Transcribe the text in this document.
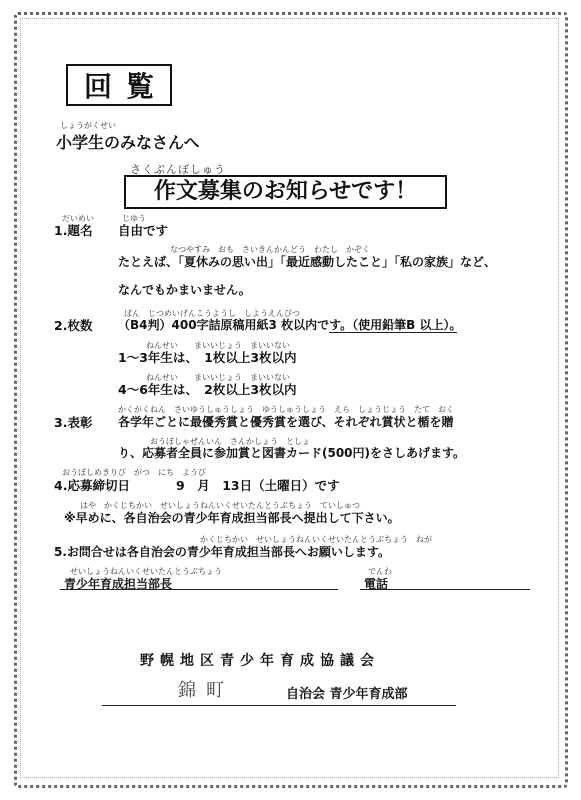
回覧
しょうがくせい
小学生のみなさんへ
さくぶんぼしゅう
作文募集のお知らせです！
だいめい
1.題名
じゆう
自由です
なつやすみ　おも　さいきんかんどう　わたし　かぞく
たとえば、「夏休みの思い出」「最近感動したこと」「私の家族」など、
なんでもかまいません。
ばん　じつめいげんこうようし　しようえんぴつ
2.枚数 （B4判）400字詰原稿用紙3 枚以内です。（使用鉛筆B 以上）。
ねんせい　　まいいじょう　まいいない
1～3年生は、　1枚以上3枚以内
ねんせい　　まいいじょう　まいいない
4～6年生は、　2枚以上3枚以内
かくがくねん　さいゆうしゅうしょう　ゆうしゅうしょう　えら　しょうじょう　たて　おく
3.表彰 各学年ごとに最優秀賞と優秀賞を選び、それぞれ賞状と楯を贈
おうぼしゃぜんいん　さんかしょう　としょ
り、応募者全員に参加賞と図書カード(500円)をさしあげます。
おうぼしめきりび　がつ　にち　ようび
4.応募締切日	9　月　13日（土曜日）です
はや　かくじちかい　せいしょうねんいくせいたんとうぶちょう　ていしゅつ
※早めに、各自治会の青少年育成担当部長へ提出して下さい。
かくじちかい　せいしょうねんいくせいたんとうぶちょう　ねが
5.お問合せは各自治会の青少年育成担当部長へお願いします。
せいしょうねんいくせいたんとうぶちょう
青少年育成担当部長
でんわ
電話
野幌地区青少年育成協議会
錦町	自治会 青少年育成部
